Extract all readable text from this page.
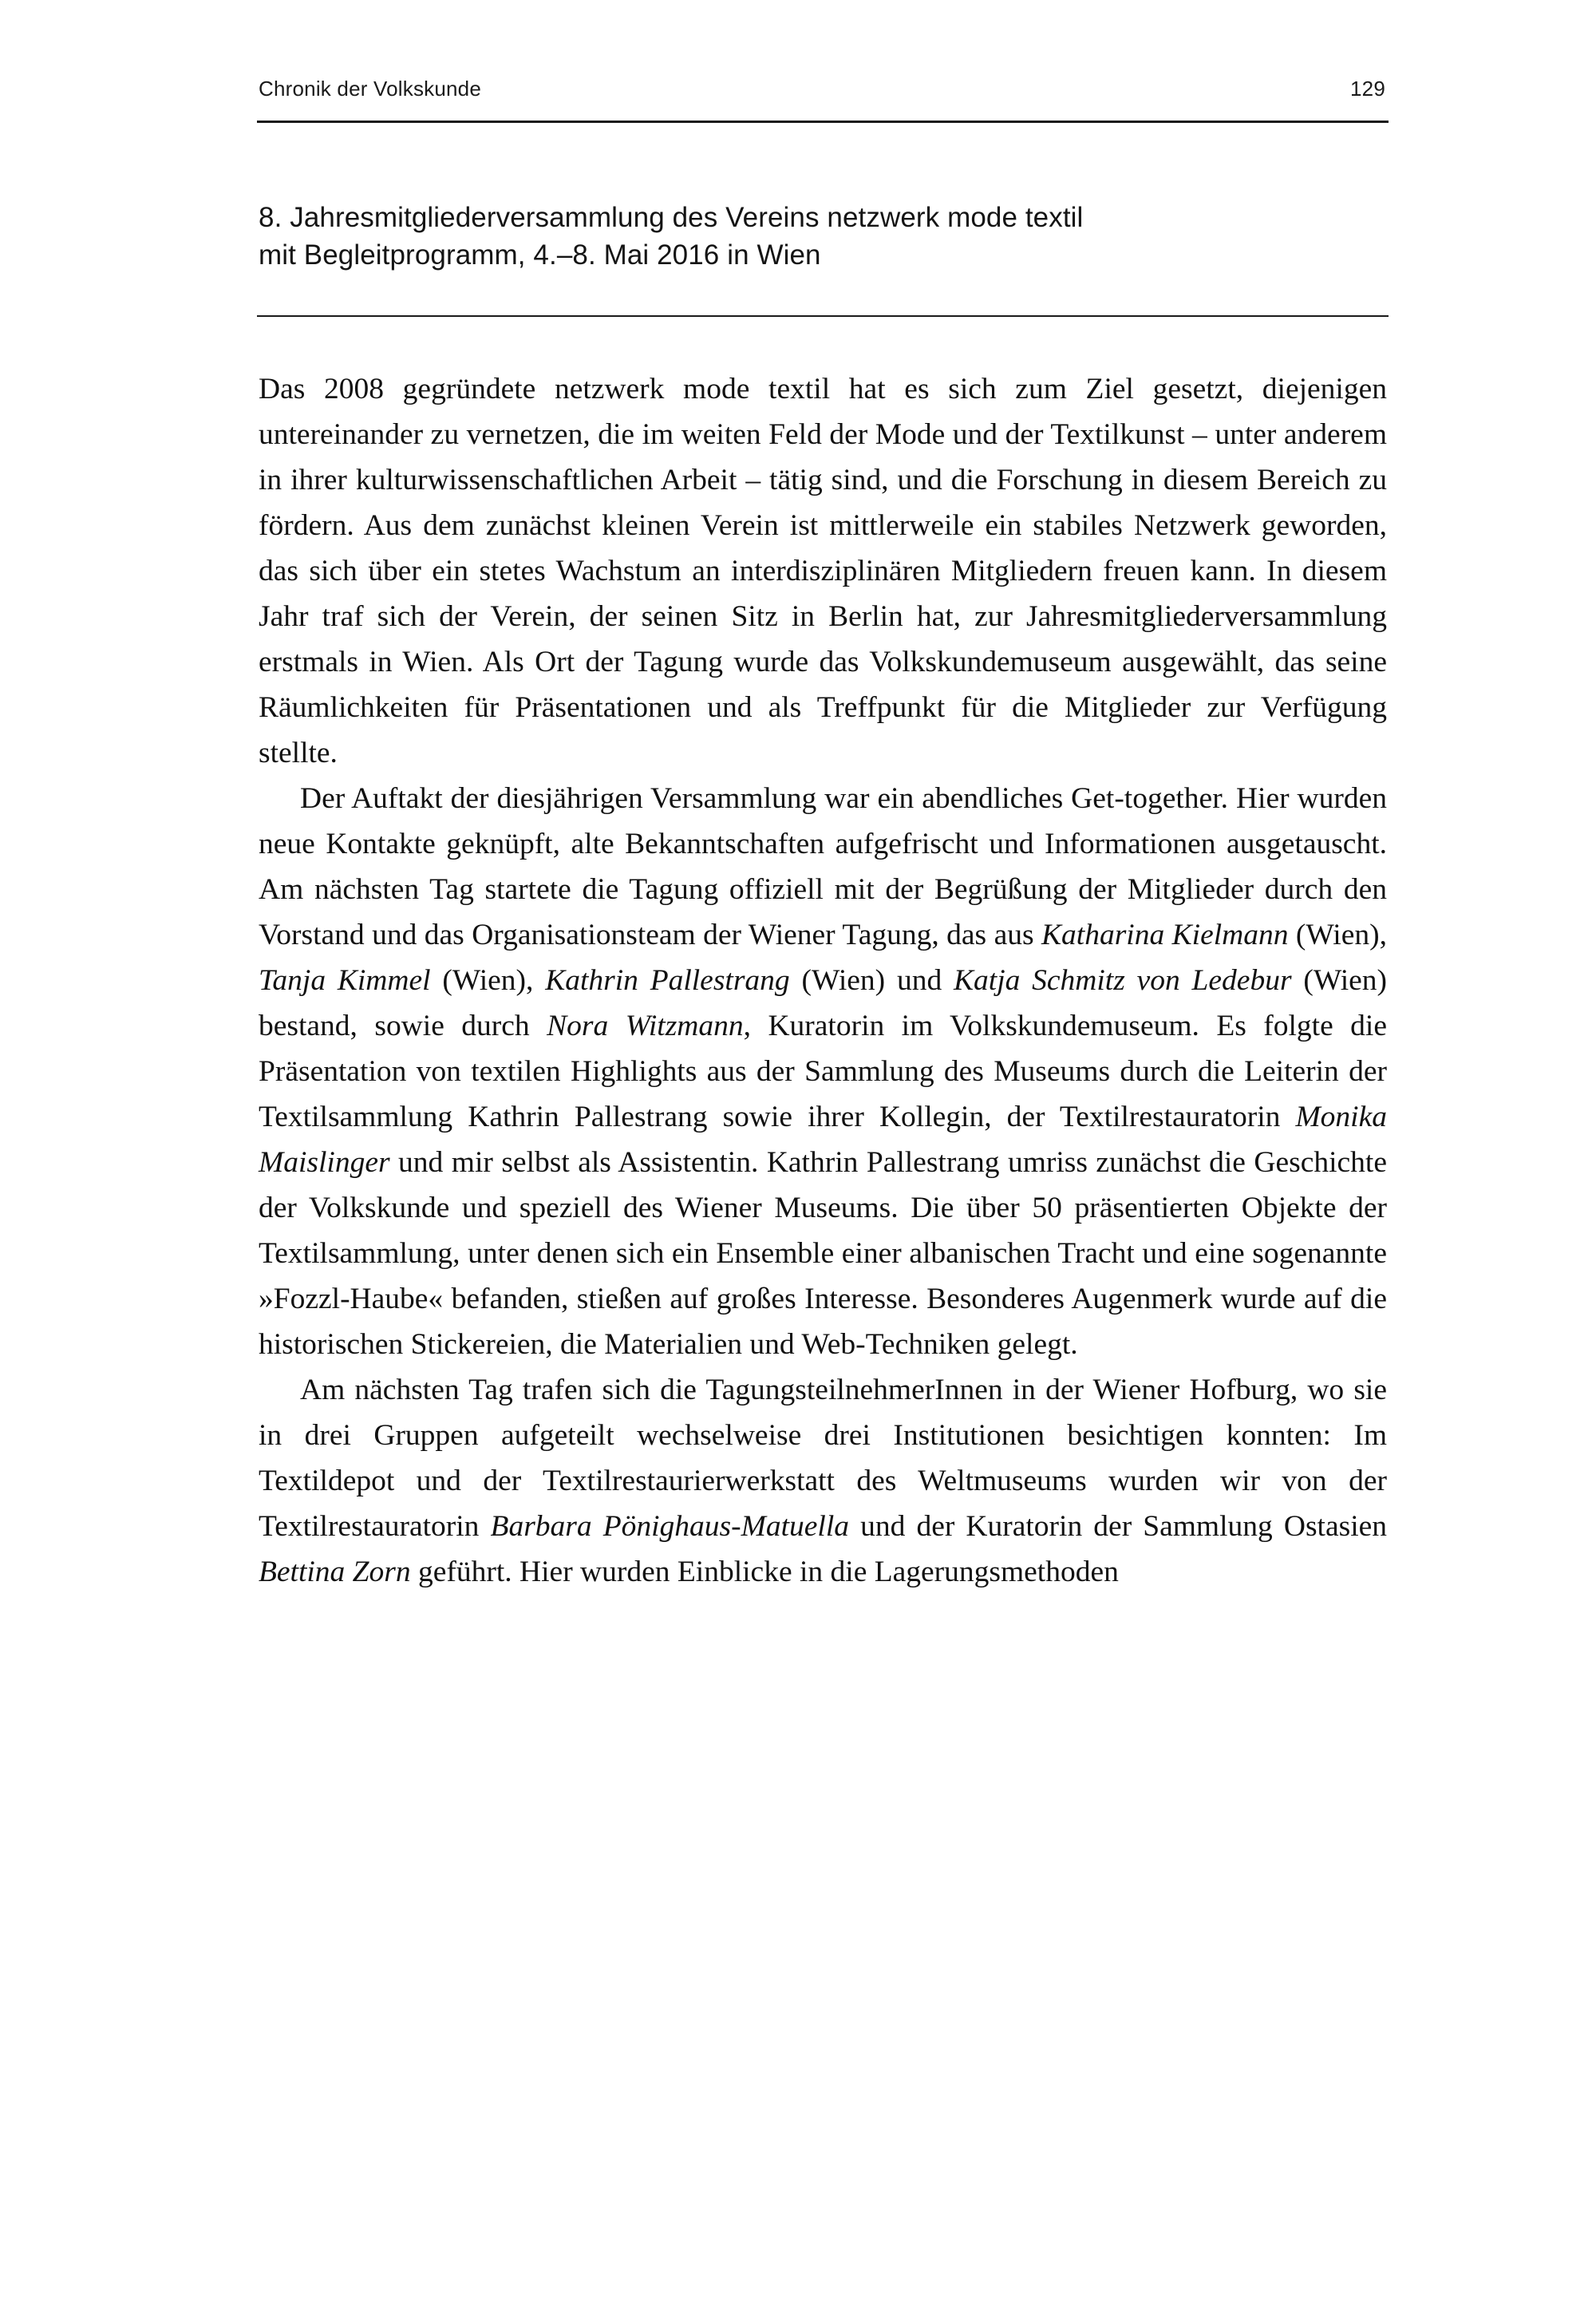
Chronik der Volkskunde	129
8. Jahresmitgliederversammlung des Vereins netzwerk mode textil
mit Begleitprogramm, 4.–8. Mai 2016 in Wien

Das 2008 gegründete netzwerk mode textil hat es sich zum Ziel gesetzt, diejenigen untereinander zu vernetzen, die im weiten Feld der Mode und der Textilkunst – unter anderem in ihrer kulturwissenschaftlichen Arbeit – tätig sind, und die Forschung in diesem Bereich zu fördern. Aus dem zunächst kleinen Verein ist mittlerweile ein stabiles Netzwerk geworden, das sich über ein stetes Wachstum an interdisziplinären Mitgliedern freuen kann. In diesem Jahr traf sich der Verein, der seinen Sitz in Berlin hat, zur Jahresmitgliederversammlung erstmals in Wien. Als Ort der Tagung wurde das Volkskundemuseum ausgewählt, das seine Räumlichkeiten für Präsentationen und als Treffpunkt für die Mitglieder zur Verfügung stellte.

Der Auftakt der diesjährigen Versammlung war ein abendliches Get-together. Hier wurden neue Kontakte geknüpft, alte Bekanntschaften aufgefrischt und Informationen ausgetauscht. Am nächsten Tag startete die Tagung offiziell mit der Begrüßung der Mitglieder durch den Vorstand und das Organisationsteam der Wiener Tagung, das aus Katharina Kielmann (Wien), Tanja Kimmel (Wien), Kathrin Pallestrang (Wien) und Katja Schmitz von Ledebur (Wien) bestand, sowie durch Nora Witzmann, Kuratorin im Volkskundemuseum. Es folgte die Präsentation von textilen Highlights aus der Sammlung des Museums durch die Leiterin der Textilsammlung Kathrin Pallestrang sowie ihrer Kollegin, der Textilrestauratorin Monika Maislinger und mir selbst als Assistentin. Kathrin Pallestrang umriss zunächst die Geschichte der Volkskunde und speziell des Wiener Museums. Die über 50 präsentierten Objekte der Textilsammlung, unter denen sich ein Ensemble einer albanischen Tracht und eine sogenannte »Fozzl-Haube« befanden, stießen auf großes Interesse. Besonderes Augenmerk wurde auf die historischen Stickereien, die Materialien und Web-Techniken gelegt.

Am nächsten Tag trafen sich die TagungsteilnehmerInnen in der Wiener Hofburg, wo sie in drei Gruppen aufgeteilt wechselweise drei Institutionen besichtigen konnten: Im Textildepot und der Textilrestaurierwerkstatt des Weltmuseums wurden wir von der Textilrestauratorin Barbara Pönighaus-Matuella und der Kuratorin der Sammlung Ostasien Bettina Zorn geführt. Hier wurden Einblicke in die Lagerungsmethoden
